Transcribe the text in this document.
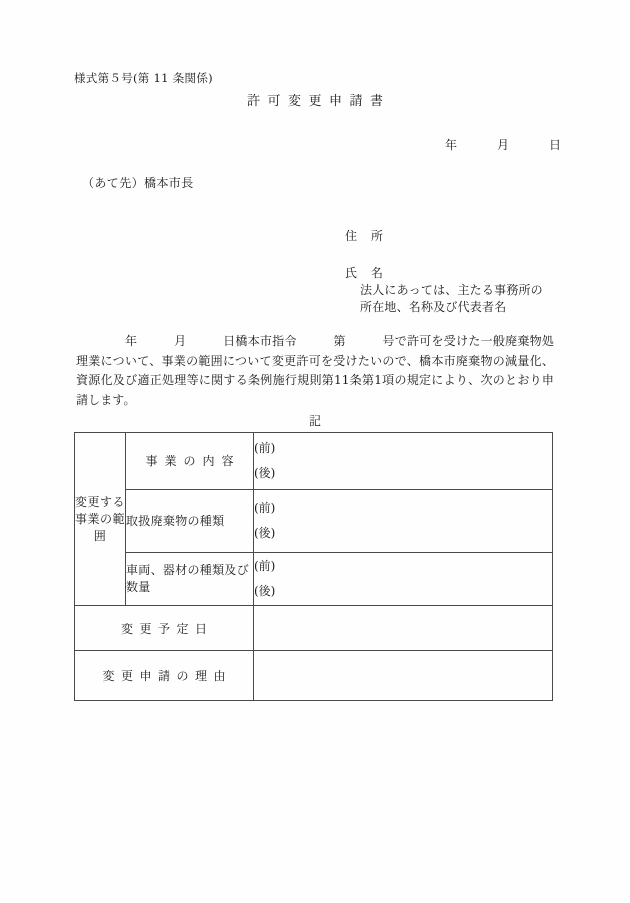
様式第５号(第 11 条関係)
許可変更申請書
年　　　月　　　日
（あて先）橋本市長
住　所
氏　名
法人にあっては、主たる事務所の
所在地、名称及び代表者名
　　　　年　　　月　　　日橋本市指令　　　第　　　号で許可を受けた一般廃棄物処理業について、事業の範囲について変更許可を受けたいので、橋本市廃棄物の減量化、資源化及び適正処理等に関する条例施行規則第11条第1項の規定により、次のとおり申請します。
記
変更する事業の範囲	事業の内容	(前)
(後)

	取扱廃棄物の種類	(前)
(後)

	車両、器材の種類及び数量	(前)
(後)

変更予定日		
変更申請の理由		
